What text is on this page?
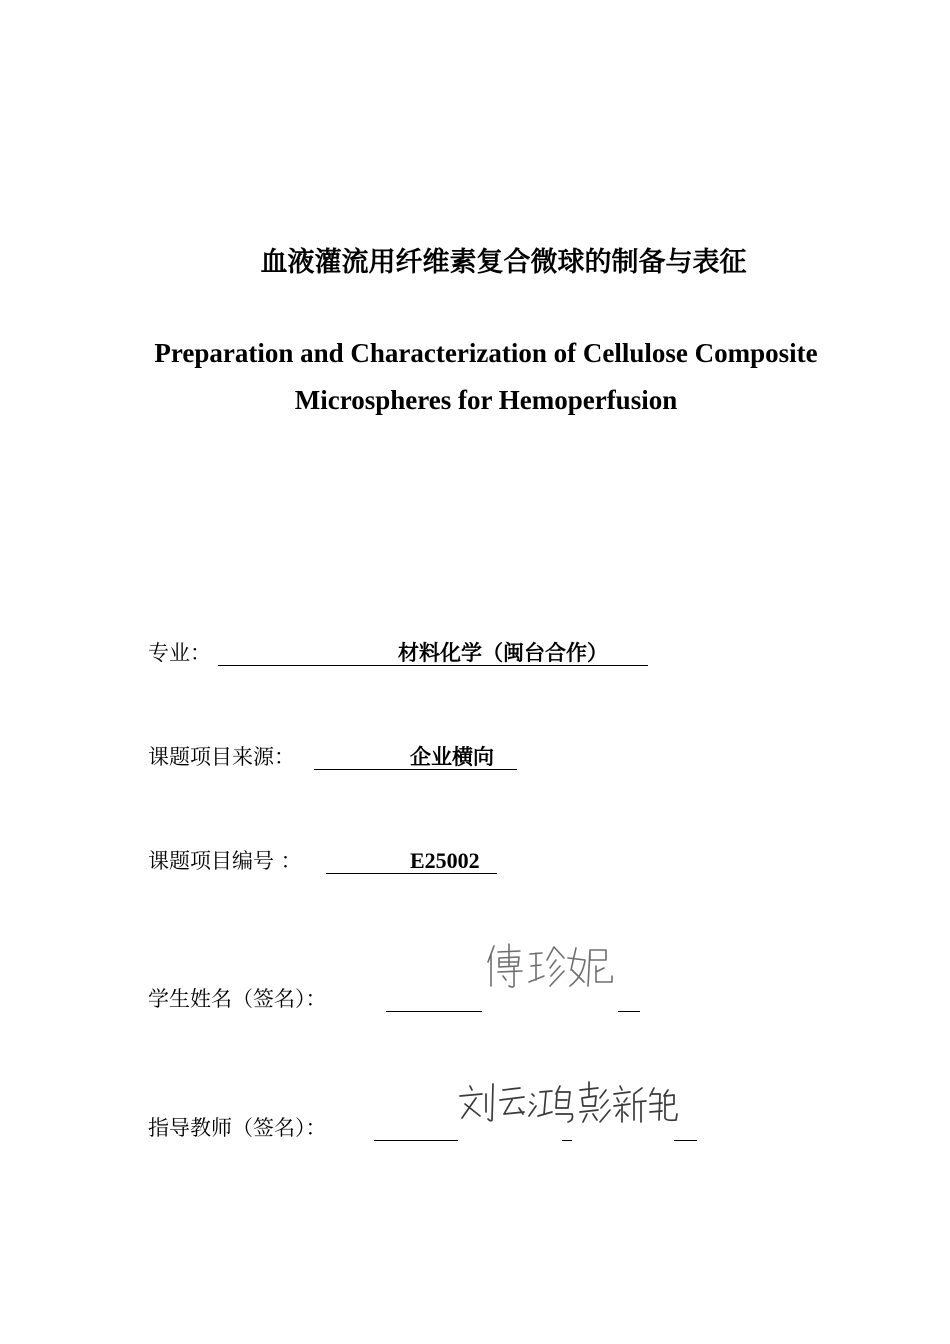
血液灌流用纤维素复合微球的制备与表征
Preparation and Characterization of Cellulose Composite
Microspheres for Hemoperfusion
专业：	材料化学（闽台合作）
课题项目来源：	企业横向
课题项目编号 ：	E25002
学生姓名（签名）：
指导教师（签名）：
